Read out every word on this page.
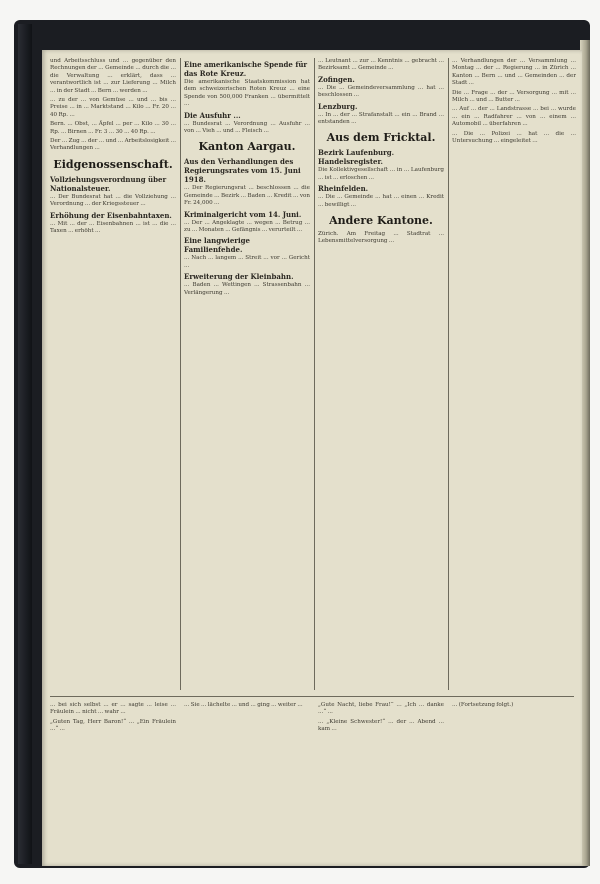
und Arbeitsschluss und ... gegenüber den Rechnungen der ... Gemeinde ... durch die ... die Verwaltung ... erklärt, dass ... verantwortlich ist ... zur Lieferung ... Milch ... in der Stadt ... Bern ... werden ...

... zu der ... von Gemüse ... und ... bis ... Preise ... in ... Marktstand ... Kilo ... Fr. 20 ... 40 Rp. ...

Bern. ... Obst, ... Äpfel ... per ... Kilo ... 30 ... Rp. ... Birnen ... Fr. 3 ... 30 ... 40 Rp. ...

Der ... Zug ... der ... und ... Arbeitslosigkeit ... Verhandlungen ...

Eidgenossenschaft.
Vollziehungsverordnung über Nationalsteuer.

... Der Bundesrat hat ... die Vollziehung ... Verordnung ... der Kriegssteuer ...

Erhöhung der Eisenbahntaxen.

... Mit ... der ... Eisenbahnen ... ist ... die ... Taxen ... erhöht ...

Eine amerikanische Spende für das Rote Kreuz.

Die amerikanische Staatskommission hat dem schweizerischen Roten Kreuz ... eine Spende von 500,000 Franken ... übermittelt ...

Die Ausfuhr ...

... Bundesrat ... Verordnung ... Ausfuhr ... von ... Vieh ... und ... Fleisch ...

Kanton Aargau.
Aus den Verhandlungen des Regierungsrates vom 15. Juni 1918.

... Der Regierungsrat ... beschlossen ... die Gemeinde ... Bezirk ... Baden ... Kredit ... von Fr. 24,000 ...

Kriminalgericht vom 14. Juni.

... Der ... Angeklagte ... wegen ... Betrug ... zu ... Monaten ... Gefängnis ... verurteilt ...

Eine langwierige Familienfehde.

... Nach ... langem ... Streit ... vor ... Gericht ...

Erweiterung der Kleinbahn.

... Baden ... Wettingen ... Strassenbahn ... Verlängerung ...

... Leutnant ... zur ... Kenntnis ... gebracht ... Bezirksamt ... Gemeinde ...

Zofingen.

... Die ... Gemeindeversammlung ... hat ... beschlossen ...

Lenzburg.

... In ... der ... Strafanstalt ... ein ... Brand ... entstanden ...

Aus dem Fricktal.
Bezirk Laufenburg. Handelsregister.

Die Kollektivgesellschaft ... in ... Laufenburg ... ist ... erloschen ...

Rheinfelden.

... Die ... Gemeinde ... hat ... einen ... Kredit ... bewilligt ...

Andere Kantone.

Zürich. Am Freitag ... Stadtrat ... Lebensmittelversorgung ...

... Verhandlungen der ... Versammlung ... Montag ... der ... Regierung ... in Zürich ... Kanton ... Bern ... und ... Gemeinden ... der Stadt ...

Die ... Frage ... der ... Versorgung ... mit ... Milch ... und ... Butter ...

... Auf ... der ... Landstrasse ... bei ... wurde ... ein ... Radfahrer ... von ... einem ... Automobil ... überfahren ...

... Die ... Polizei ... hat ... die ... Untersuchung ... eingeleitet ...

... bei sich selbst ... er ... sagte ... leise ... Fräulein ... nicht ... wahr ...

„Guten Tag, Herr Baron!“ ... „Ein Fräulein ...“ ...

... Sie ... lächelte ... und ... ging ... weiter ...	„Gute Nacht, liebe Frau!“ ... „Ich ... danke ...“ ...

... „Kleine Schwester!“ ... der ... Abend ... kam ...

... (Fortsetzung folgt.)
